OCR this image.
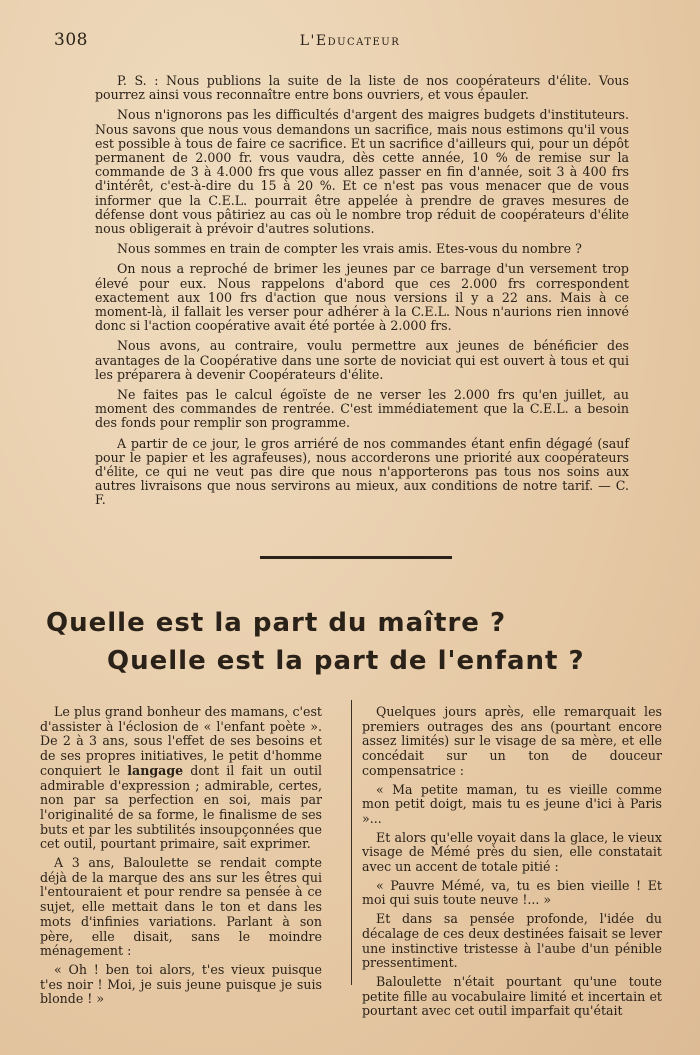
308	L'Educateur

P. S. : Nous publions la suite de la liste de nos coopérateurs d'élite. Vous pourrez ainsi vous reconnaître entre bons ouvriers, et vous épauler.

Nous n'ignorons pas les difficultés d'argent des maigres budgets d'instituteurs. Nous savons que nous vous demandons un sacrifice, mais nous estimons qu'il vous est possible à tous de faire ce sacrifice. Et un sacrifice d'ailleurs qui, pour un dépôt permanent de 2.000 fr. vous vaudra, dès cette année, 10 % de remise sur la commande de 3 à 4.000 frs que vous allez passer en fin d'année, soit 3 à 400 frs d'intérêt, c'est-à-dire du 15 à 20 %. Et ce n'est pas vous menacer que de vous informer que la C.E.L. pourrait être appelée à prendre de graves mesures de défense dont vous pâtiriez au cas où le nombre trop réduit de coopérateurs d'élite nous obligerait à prévoir d'autres solutions.

Nous sommes en train de compter les vrais amis. Etes-vous du nombre ?

On nous a reproché de brimer les jeunes par ce barrage d'un versement trop élevé pour eux. Nous rappelons d'abord que ces 2.000 frs correspondent exactement aux 100 frs d'action que nous versions il y a 22 ans. Mais à ce moment-là, il fallait les verser pour adhérer à la C.E.L. Nous n'aurions rien innové donc si l'action coopérative avait été portée à 2.000 frs.

Nous avons, au contraire, voulu permettre aux jeunes de bénéficier des avantages de la Coopérative dans une sorte de noviciat qui est ouvert à tous et qui les préparera à devenir Coopérateurs d'élite.

Ne faites pas le calcul égoïste de ne verser les 2.000 frs qu'en juillet, au moment des commandes de rentrée. C'est immédiatement que la C.E.L. a besoin des fonds pour remplir son programme.

A partir de ce jour, le gros arriéré de nos commandes étant enfin dégagé (sauf pour le papier et les agrafeuses), nous accorderons une priorité aux coopérateurs d'élite, ce qui ne veut pas dire que nous n'apporterons pas tous nos soins aux autres livraisons que nous servirons au mieux, aux conditions de notre tarif. — C. F.

Quelle est la part du maître ?
Quelle est la part de l'enfant ?

Le plus grand bonheur des mamans, c'est d'assister à l'éclosion de « l'enfant poète ». De 2 à 3 ans, sous l'effet de ses besoins et de ses propres initiatives, le petit d'homme conquiert le langage dont il fait un outil admirable d'expression ; admirable, certes, non par sa perfection en soi, mais par l'originalité de sa forme, le finalisme de ses buts et par les subtilités insoupçonnées que cet outil, pourtant primaire, sait exprimer.

A 3 ans, Baloulette se rendait compte déjà de la marque des ans sur les êtres qui l'entouraient et pour rendre sa pensée à ce sujet, elle mettait dans le ton et dans les mots d'infinies variations. Parlant à son père, elle disait, sans le moindre ménagement :

« Oh ! ben toi alors, t'es vieux puisque t'es noir ! Moi, je suis jeune puisque je suis blonde ! »

Quelques jours après, elle remarquait les premiers outrages des ans (pourtant encore assez limités) sur le visage de sa mère, et elle concédait sur un ton de douceur compensatrice :

« Ma petite maman, tu es vieille comme mon petit doigt, mais tu es jeune d'ici à Paris »...

Et alors qu'elle voyait dans la glace, le vieux visage de Mémé près du sien, elle constatait avec un accent de totale pitié :

« Pauvre Mémé, va, tu es bien vieille ! Et moi qui suis toute neuve !... »

Et dans sa pensée profonde, l'idée du décalage de ces deux destinées faisait se lever une instinctive tristesse à l'aube d'un pénible pressentiment.

Baloulette n'était pourtant qu'une toute petite fille au vocabulaire limité et incertain et pourtant avec cet outil imparfait qu'était
